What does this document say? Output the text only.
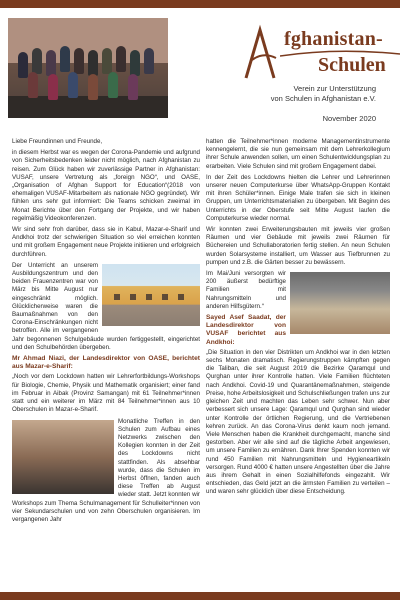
fghanistan-
Schulen
Verein zur Unterstützung
von Schulen in Afghanistan e.V.
November 2020

Liebe Freundinnen und Freunde,

in diesem Herbst war es wegen der Corona-Pandemie und aufgrund von Sicherheitsbedenken leider nicht möglich, nach Afghanistan zu reisen. Zum Glück haben wir zuverlässige Partner in Afghanistan: VUSAF, unsere Vertretung als „foreign NGO“, und OASE, „Organisation of Afghan Support for Education“(2018 von ehemaligen VUSAF-Mitarbeitern als nationale NGO gegründet). Wir fühlen uns sehr gut informiert: Die Teams schicken zweimal im Monat Berichte über den Fortgang der Projekte, und wir haben regelmäßig Videokonferenzen.

Wir sind sehr froh darüber, dass sie in Kabul, Mazar-e-Sharif und Andkhoi trotz der schwierigen Situation so viel erreichen konnten und mit großem Engagement neue Projekte initiieren und erfolgreich durchführen.

Der Unterricht an unserem Ausbildungszentrum und den beiden Frauenzentren war von März bis Mitte August nur eingeschränkt möglich. Glücklicherweise waren die Baumaßnahmen von den Corona-Einschränkungen nicht betroffen. Alle im vergangenen Jahr begonnenen Schulgebäude wurden fertiggestellt, eingerichtet und den Schulbehörden übergeben.

Mr Ahmad Niazi, der Landesdirektor von OASE, berichtet aus Mazar-e-Sharif:

„Noch vor dem Lockdown hatten wir Lehrerfortbildungs-Workshops für Biologie, Chemie, Physik und Mathematik organisiert; einer fand im Februar in Aibak (Provinz Samangan) mit 61 Teilnehmer*innen statt und ein weiterer im März mit 84 Teilnehmer*innen aus 10 Oberschulen in Mazar-e-Sharif.

Monatliche Treffen in den Schulen zum Aufbau eines Netzwerks zwischen den Kollegien konnten in der Zeit des Lockdowns nicht stattfinden. Als absehbar wurde, dass die Schulen im Herbst öffnen, fanden auch diese Treffen ab August wieder statt. Jetzt konnten wir Workshops zum Thema Schulmanagement für Schulleiter*innen von vier Sekundarschulen und von zehn Oberschulen organisieren. Im vergangenen Jahr

hatten die Teilnehmer*innen moderne Managementinstrumente kennengelernt, die sie nun gemeinsam mit dem Lehrerkollegium ihrer Schule anwenden sollen, um einen Schulentwicklungsplan zu erarbeiten. Viele Schulen sind mit großem Engagement dabei.

In der Zeit des Lockdowns hielten die Lehrer und Lehrerinnen unserer neuen Computerkurse über WhatsApp-Gruppen Kontakt mit ihren Schüler*innen. Einige Male trafen sie sich in kleinen Gruppen, um Unterrichtsmaterialien zu übergeben. Mit Beginn des Unterrichts in der Oberstufe seit Mitte August laufen die Computerkurse wieder normal.

Wir konnten zwei Erweiterungsbauten mit jeweils vier großen Räumen und vier Gebäude mit jeweils zwei Räumen für Büchereien und Schullaboratorien fertig stellen. An neun Schulen wurden Solarsysteme installiert, um Wasser aus Tiefbrunnen zu pumpen und z.B. die Gärten besser zu bewässern.

Im Mai/Juni versorgten wir 200 äußerst bedürftige Familien mit Nahrungsmitteln und anderen Hilfsgütern.“

Sayed Asef Saadat, der Landesdirektor von VUSAF berichtet aus Andkhoi:

„Die Situation in den vier Distrikten um Andkhoi war in den letzten sechs Monaten dramatisch. Regierungstruppen kämpften gegen die Taliban, die seit August 2019 die Bezirke Qaramqul und Qurghan unter ihrer Kontrolle hatten. Viele Familien flüchteten nach Andkhoi. Covid-19 und Quarantänemaßnahmen, steigende Preise, hohe Arbeitslosigkeit und Schulschließungen trafen uns zur gleichen Zeit und machten das Leben sehr schwer. Nun aber verbessert sich unsere Lage: Qaramqul und Qurghan sind wieder unter Kontrolle der örtlichen Regierung, und die Vertriebenen kehren zurück. An das Corona-Virus denkt kaum noch jemand. Viele Menschen haben die Krankheit durchgemacht, manche sind gestorben. Aber wir alle sind auf die tägliche Arbeit angewiesen, um unsere Familien zu ernähren. Dank Ihrer Spenden konnten wir rund 450 Familien mit Nahrungsmitteln und Hygieneartikeln versorgen. Rund 4000 € hatten unsere Angestellten über die Jahre aus ihrem Gehalt in einen Sozialhilfefonds eingezahlt. Wir entschieden, das Geld jetzt an die ärmsten Familien zu verteilen – und waren sehr glücklich über diese Entscheidung.
